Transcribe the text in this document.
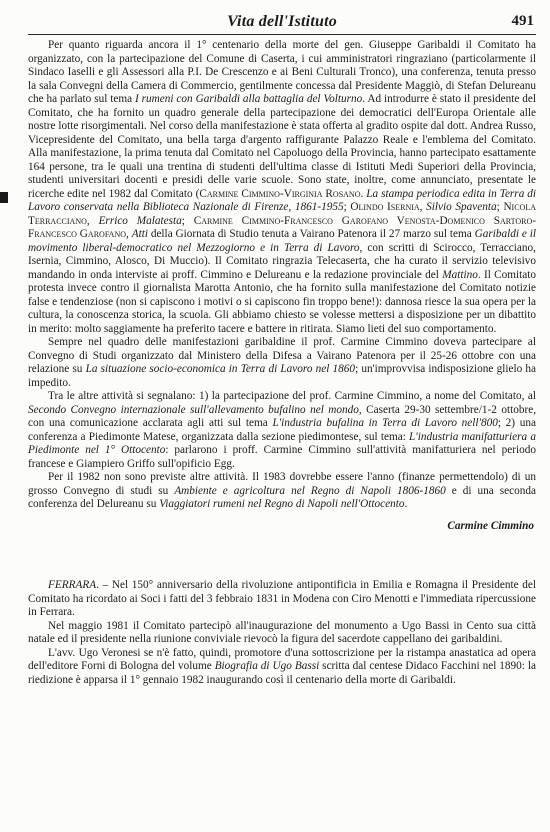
Vita dell'Istituto	491

Per quanto riguarda ancora il 1° centenario della morte del gen. Giuseppe Garibaldi il Comitato ha organizzato, con la partecipazione del Comune di Caserta, i cui amministratori ringraziano (particolarmente il Sindaco Iaselli e gli Assessori alla P.I. De Crescenzo e ai Beni Culturali Tronco), una conferenza, tenuta presso la sala Convegni della Camera di Commercio, gentilmente concessa dal Presidente Maggiò, di Stefan Delureanu che ha parlato sul tema I rumeni con Garibaldi alla battaglia del Volturno. Ad introdurre è stato il presidente del Comitato, che ha fornito un quadro generale della partecipazione dei democratici dell'Europa Orientale alle nostre lotte risorgimentali. Nel corso della manifestazione è stata offerta al gradito ospite dal dott. Andrea Russo, Vicepresidente del Comitato, una bella targa d'argento raffigurante Palazzo Reale e l'emblema del Comitato. Alla manifestazione, la prima tenuta dal Comitato nel Capoluogo della Provincia, hanno partecipato esattamente 164 persone, tra le quali una trentina di studenti dell'ultima classe di Istituti Medi Superiori della Provincia, studenti universitari docenti e presidi delle varie scuole. Sono state, inoltre, come annunciato, presentate le ricerche edite nel 1982 dal Comitato (Carmine Cimmino-Virginia Rosano. La stampa periodica edita in Terra di Lavoro conservata nella Biblioteca Nazionale di Firenze, 1861-1955; Olindo Isernia, Silvio Spaventa; Nicola Terracciano, Errico Malatesta; Carmine Cimmino-Francesco Garofano Venosta-Domenico Sartoro-Francesco Garofano, Atti della Giornata di Studio tenuta a Vairano Patenora il 27 marzo sul tema Garibaldi e il movimento liberal-democratico nel Mezzogiorno e in Terra di Lavoro, con scritti di Scirocco, Terracciano, Isernia, Cimmino, Alosco, Di Muccio). Il Comitato ringrazia Telecaserta, che ha curato il servizio televisivo mandando in onda interviste ai proff. Cimmino e Delureanu e la redazione provinciale del Mattino. Il Comitato protesta invece contro il giornalista Marotta Antonio, che ha fornito sulla manifestazione del Comitato notizie false e tendenziose (non si capiscono i motivi o si capiscono fin troppo bene!): dannosa riesce la sua opera per la cultura, la conoscenza storica, la scuola. Gli abbiamo chiesto se volesse mettersi a disposizione per un dibattito in merito: molto saggiamente ha preferito tacere e battere in ritirata. Siamo lieti del suo comportamento.

Sempre nel quadro delle manifestazioni garibaldine il prof. Carmine Cimmino doveva partecipare al Convegno di Studi organizzato dal Ministero della Difesa a Vairano Patenora per il 25-26 ottobre con una relazione su La situazione socio-economica in Terra di Lavoro nel 1860; un'improvvisa indisposizione glielo ha impedito.

Tra le altre attività si segnalano: 1) la partecipazione del prof. Carmine Cimmino, a nome del Comitato, al Secondo Convegno internazionale sull'allevamento bufalino nel mondo, Caserta 29-30 settembre/1-2 ottobre, con una comunicazione acclarata agli atti sul tema L'industria bufalina in Terra di Lavoro nell'800; 2) una conferenza a Piedimonte Matese, organizzata dalla sezione piedimontese, sul tema: L'industria manifatturiera a Piedimonte nel 1° Ottocento: parlarono i proff. Carmine Cimmino sull'attività manifatturiera nel periodo francese e Giampiero Griffo sull'opificio Egg.

Per il 1982 non sono previste altre attività. Il 1983 dovrebbe essere l'anno (finanze permettendolo) di un grosso Convegno di studi su Ambiente e agricoltura nel Regno di Napoli 1806-1860 e di una seconda conferenza del Delureanu su Viaggiatori rumeni nel Regno di Napoli nell'Ottocento.

Carmine Cimmino

FERRARA. – Nel 150° anniversario della rivoluzione antipontificia in Emilia e Romagna il Presidente del Comitato ha ricordato ai Soci i fatti del 3 febbraio 1831 in Modena con Ciro Menotti e l'immediata ripercussione in Ferrara.

Nel maggio 1981 il Comitato partecipò all'inaugurazione del monumento a Ugo Bassi in Cento sua città natale ed il presidente nella riunione conviviale rievocò la figura del sacerdote cappellano dei garibaldini.

L'avv. Ugo Veronesi se n'è fatto, quindi, promotore d'una sottoscrizione per la ristampa anastatica ad opera dell'editore Forni di Bologna del volume Biografia di Ugo Bassi scritta dal centese Didaco Facchini nel 1890: la riedizione è apparsa il 1° gennaio 1982 inaugurando così il centenario della morte di Garibaldi.
